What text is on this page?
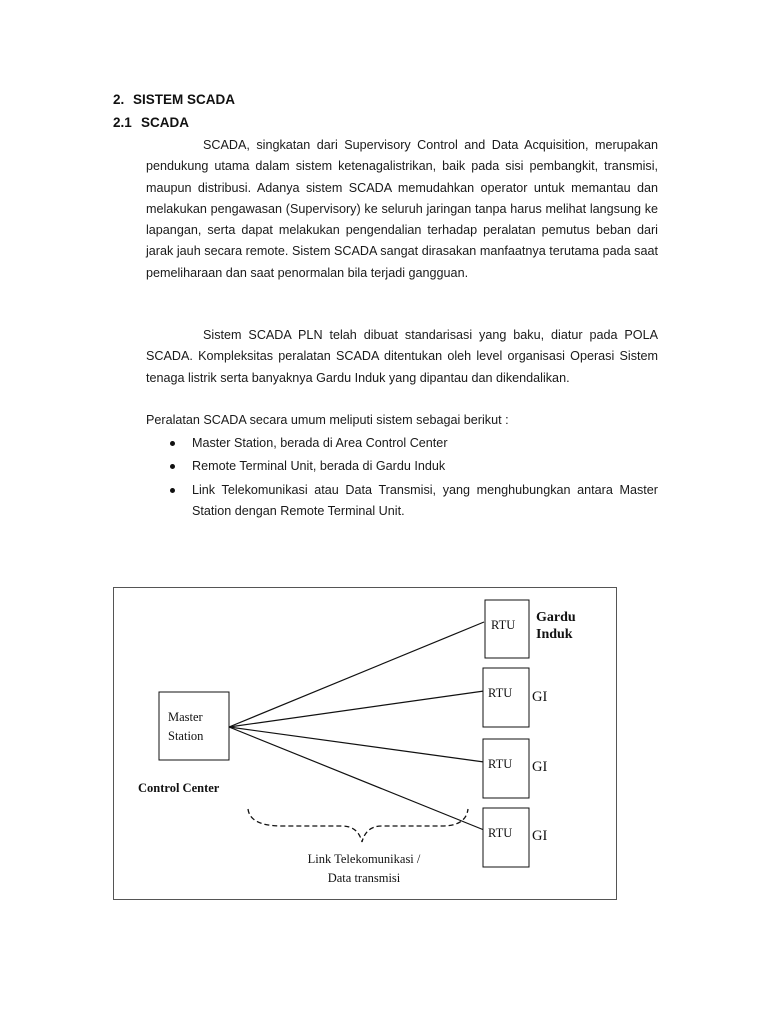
2. SISTEM SCADA
2.1 SCADA

SCADA, singkatan dari Supervisory Control and Data Acquisition, merupakan pendukung utama dalam sistem ketenagalistrikan, baik pada sisi pembangkit, transmisi, maupun distribusi. Adanya sistem SCADA memudahkan operator untuk memantau dan melakukan pengawasan (Supervisory) ke seluruh jaringan tanpa harus melihat langsung ke lapangan, serta dapat melakukan pengendalian terhadap peralatan pemutus beban dari jarak jauh secara remote. Sistem SCADA sangat dirasakan manfaatnya terutama pada saat pemeliharaan dan saat penormalan bila terjadi gangguan.

Sistem SCADA PLN telah dibuat standarisasi yang baku, diatur pada POLA SCADA. Kompleksitas peralatan SCADA ditentukan oleh level organisasi Operasi Sistem tenaga listrik serta banyaknya Gardu Induk yang dipantau dan dikendalikan.

Peralatan SCADA secara umum meliputi sistem sebagai berikut :

Master Station, berada di Area Control Center
Remote Terminal Unit, berada di Gardu Induk
Link Telekomunikasi atau Data Transmisi, yang menghubungkan antara Master Station dengan Remote Terminal Unit.
Master
Station
Control Center
RTU
RTU
RTU
RTU
Gardu
Induk
GI
GI
GI
Link Telekomunikasi /
Data transmisi
